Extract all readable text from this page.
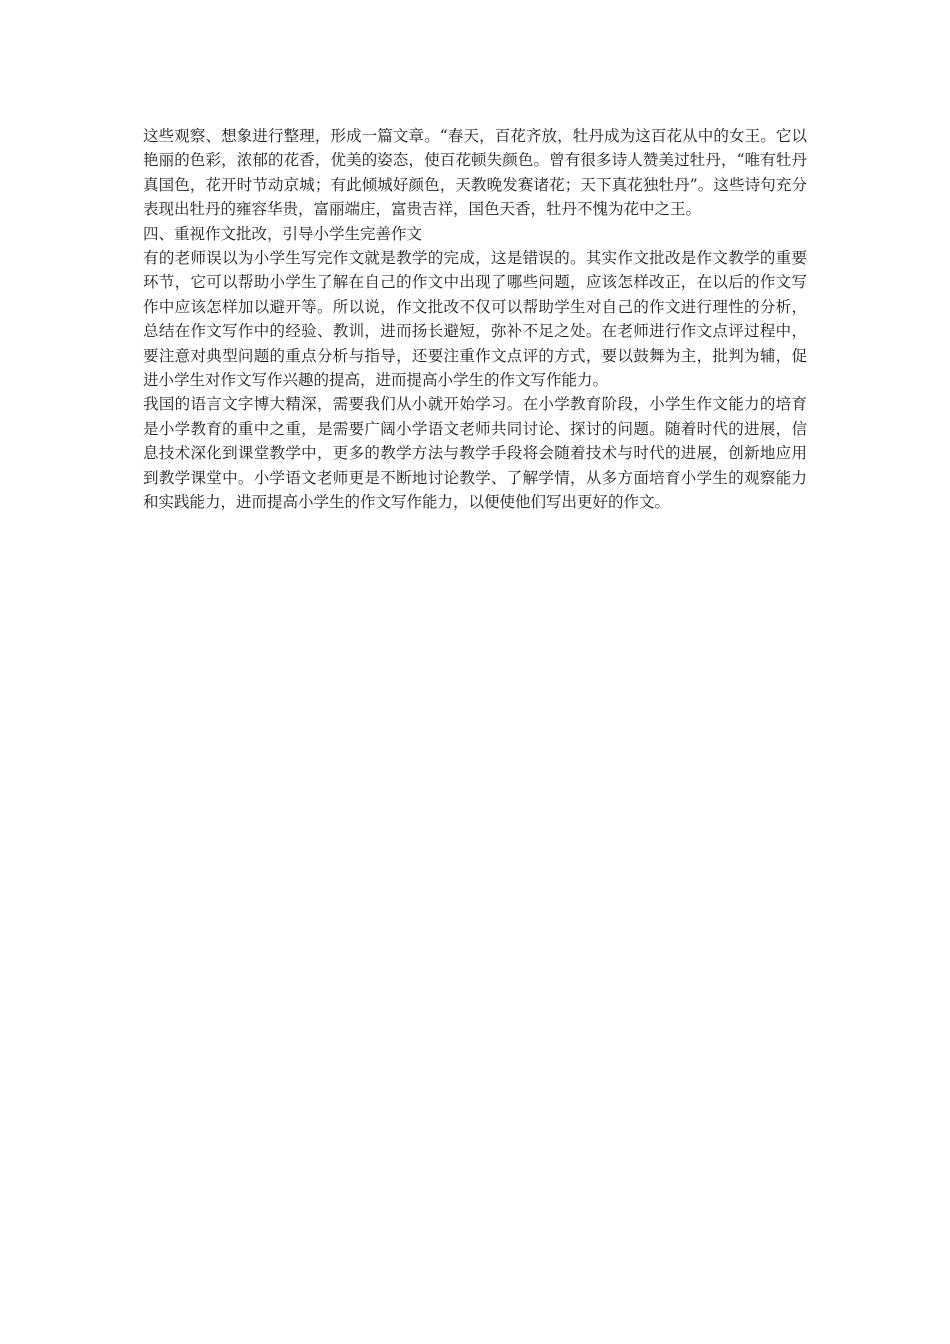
这些观察、想象进行整理，形成一篇文章。“春天，百花齐放，牡丹成为这百花从中的女王。它以艳丽的色彩，浓郁的花香，优美的姿态，使百花顿失颜色。曾有很多诗人赞美过牡丹，“唯有牡丹真国色，花开时节动京城；有此倾城好颜色，天教晚发赛诸花；天下真花独牡丹”。这些诗句充分表现出牡丹的雍容华贵，富丽端庄，富贵吉祥，国色天香，牡丹不愧为花中之王。

四、重视作文批改，引导小学生完善作文

有的老师误以为小学生写完作文就是教学的完成，这是错误的。其实作文批改是作文教学的重要环节，它可以帮助小学生了解在自己的作文中出现了哪些问题，应该怎样改正，在以后的作文写作中应该怎样加以避开等。所以说，作文批改不仅可以帮助学生对自己的作文进行理性的分析，总结在作文写作中的经验、教训，进而扬长避短，弥补不足之处。在老师进行作文点评过程中，要注意对典型问题的重点分析与指导，还要注重作文点评的方式，要以鼓舞为主，批判为辅，促进小学生对作文写作兴趣的提高，进而提高小学生的作文写作能力。

我国的语言文字博大精深，需要我们从小就开始学习。在小学教育阶段，小学生作文能力的培育是小学教育的重中之重，是需要广阔小学语文老师共同讨论、探讨的问题。随着时代的进展，信息技术深化到课堂教学中，更多的教学方法与教学手段将会随着技术与时代的进展，创新地应用到教学课堂中。小学语文老师更是不断地讨论教学、了解学情，从多方面培育小学生的观察能力和实践能力，进而提高小学生的作文写作能力，以便使他们写出更好的作文。
